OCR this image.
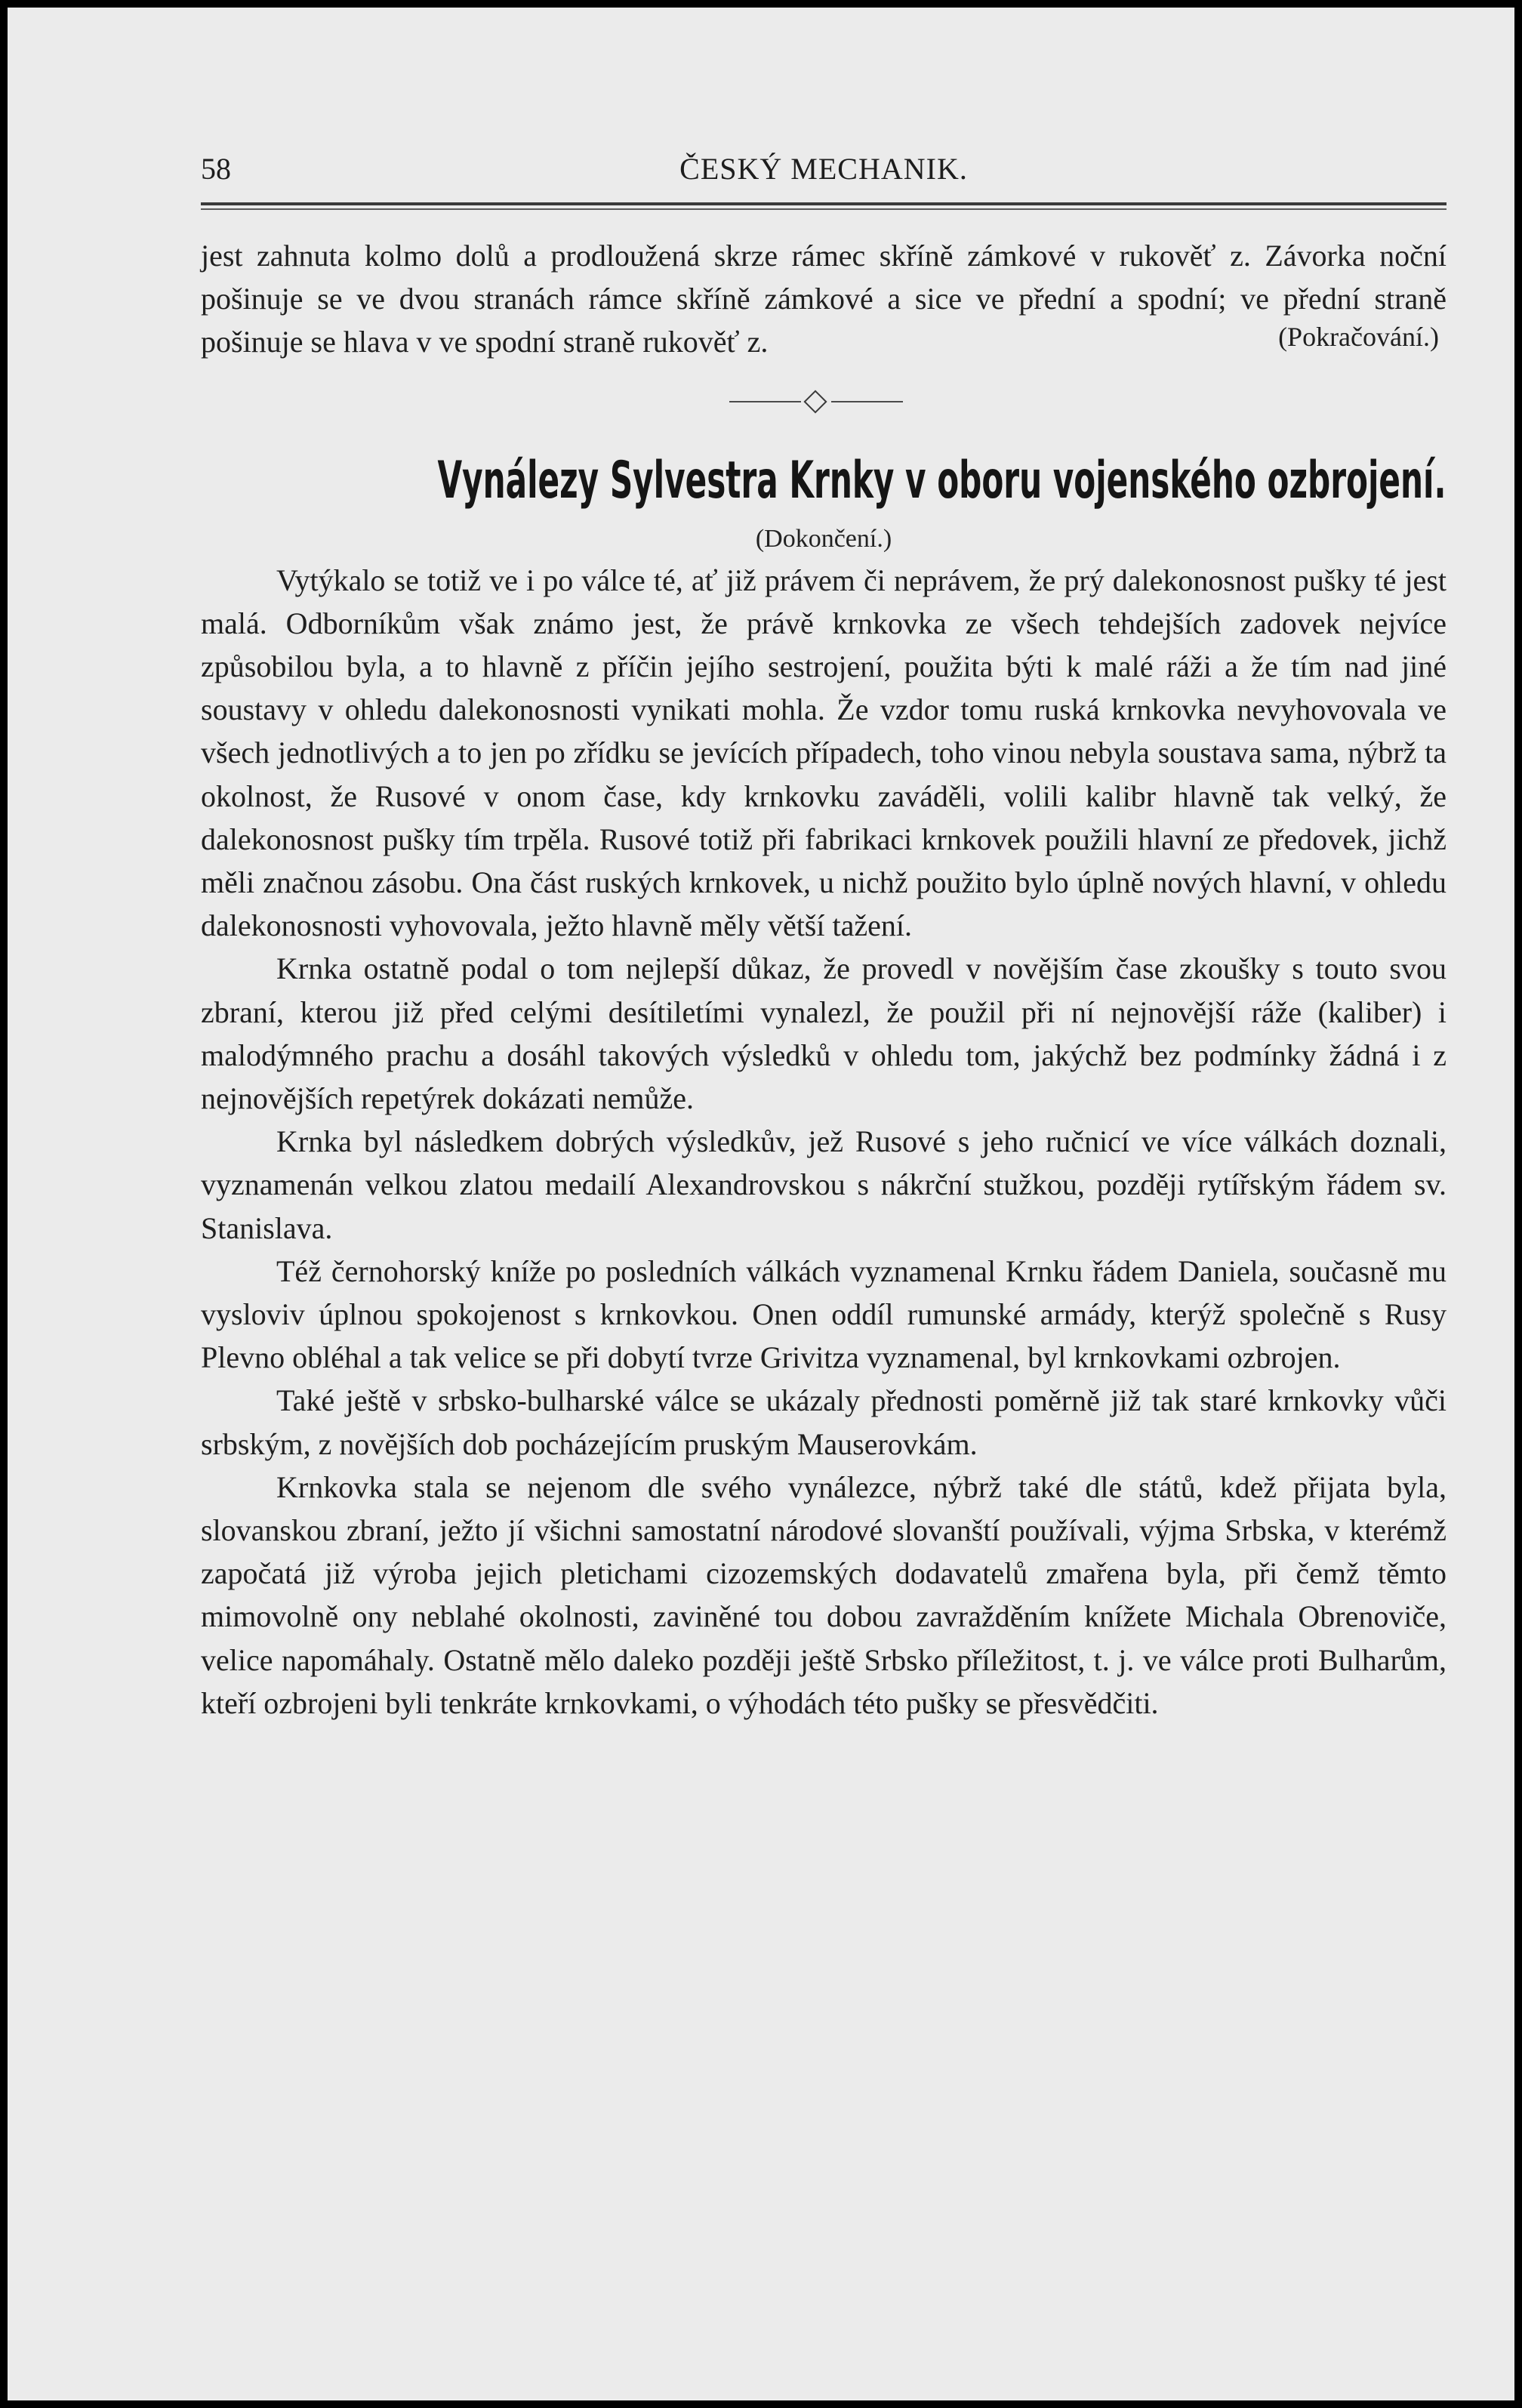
58	ČESKÝ MECHANIK.

jest zahnuta kolmo dolů a prodloužená skrze rámec skříně zámkové v rukověť z. Závorka noční pošinuje se ve dvou stranách rámce skříně zámkové a sice ve přední a spodní; ve přední straně pošinuje se hlava v ve spodní straně rukověť z.	(Pokračování.)

Vynálezy Sylvestra Krnky v oboru vojenského ozbrojení.

(Dokončení.)

Vytýkalo se totiž ve i po válce té, ať již právem či neprávem, že prý dalekonosnost pušky té jest malá. Odborníkům však známo jest, že právě krnkovka ze všech tehdejších zadovek nejvíce způsobilou byla, a to hlavně z příčin jejího sestrojení, použita býti k malé ráži a že tím nad jiné soustavy v ohledu dalekonosnosti vynikati mohla. Že vzdor tomu ruská krnkovka nevyhovovala ve všech jednotlivých a to jen po zřídku se jevících případech, toho vinou nebyla soustava sama, nýbrž ta okolnost, že Rusové v onom čase, kdy krnkovku zaváděli, volili kalibr hlavně tak velký, že dalekonosnost pušky tím trpěla. Rusové totiž při fabrikaci krnkovek použili hlavní ze předovek, jichž měli značnou zásobu. Ona část ruských krnkovek, u nichž použito bylo úplně nových hlavní, v ohledu dalekonosnosti vyhovovala, ježto hlavně měly větší tažení.

Krnka ostatně podal o tom nejlepší důkaz, že provedl v novějším čase zkoušky s touto svou zbraní, kterou již před celými desítiletími vynalezl, že použil při ní nejnovější ráže (kaliber) i malodýmného prachu a dosáhl takových výsledků v ohledu tom, jakýchž bez podmínky žádná i z nejnovějších repetýrek dokázati nemůže.

Krnka byl následkem dobrých výsledkův, jež Rusové s jeho ručnicí ve více válkách doznali, vyznamenán velkou zlatou medailí Alexandrovskou s nákrční stužkou, později rytířským řádem sv. Stanislava.

Též černohorský kníže po posledních válkách vyznamenal Krnku řádem Daniela, současně mu vysloviv úplnou spokojenost s krnkovkou. Onen oddíl rumunské armády, kterýž společně s Rusy Plevno obléhal a tak velice se při dobytí tvrze Grivitza vyznamenal, byl krnkovkami ozbrojen.

Také ještě v srbsko-bulharské válce se ukázaly přednosti poměrně již tak staré krnkovky vůči srbským, z novějších dob pocházejícím pruským Mauserovkám.

Krnkovka stala se nejenom dle svého vynálezce, nýbrž také dle států, kdež přijata byla, slovanskou zbraní, ježto jí všichni samostatní národové slovanští používali, výjma Srbska, v kterémž započatá již výroba jejich pletichami cizozemských dodavatelů zmařena byla, při čemž těmto mimovolně ony neblahé okolnosti, zaviněné tou dobou zavražděním knížete Michala Obrenoviče, velice napomáhaly. Ostatně mělo daleko později ještě Srbsko příležitost, t. j. ve válce proti Bulharům, kteří ozbrojeni byli tenkráte krnkovkami, o výhodách této pušky se přesvědčiti.
